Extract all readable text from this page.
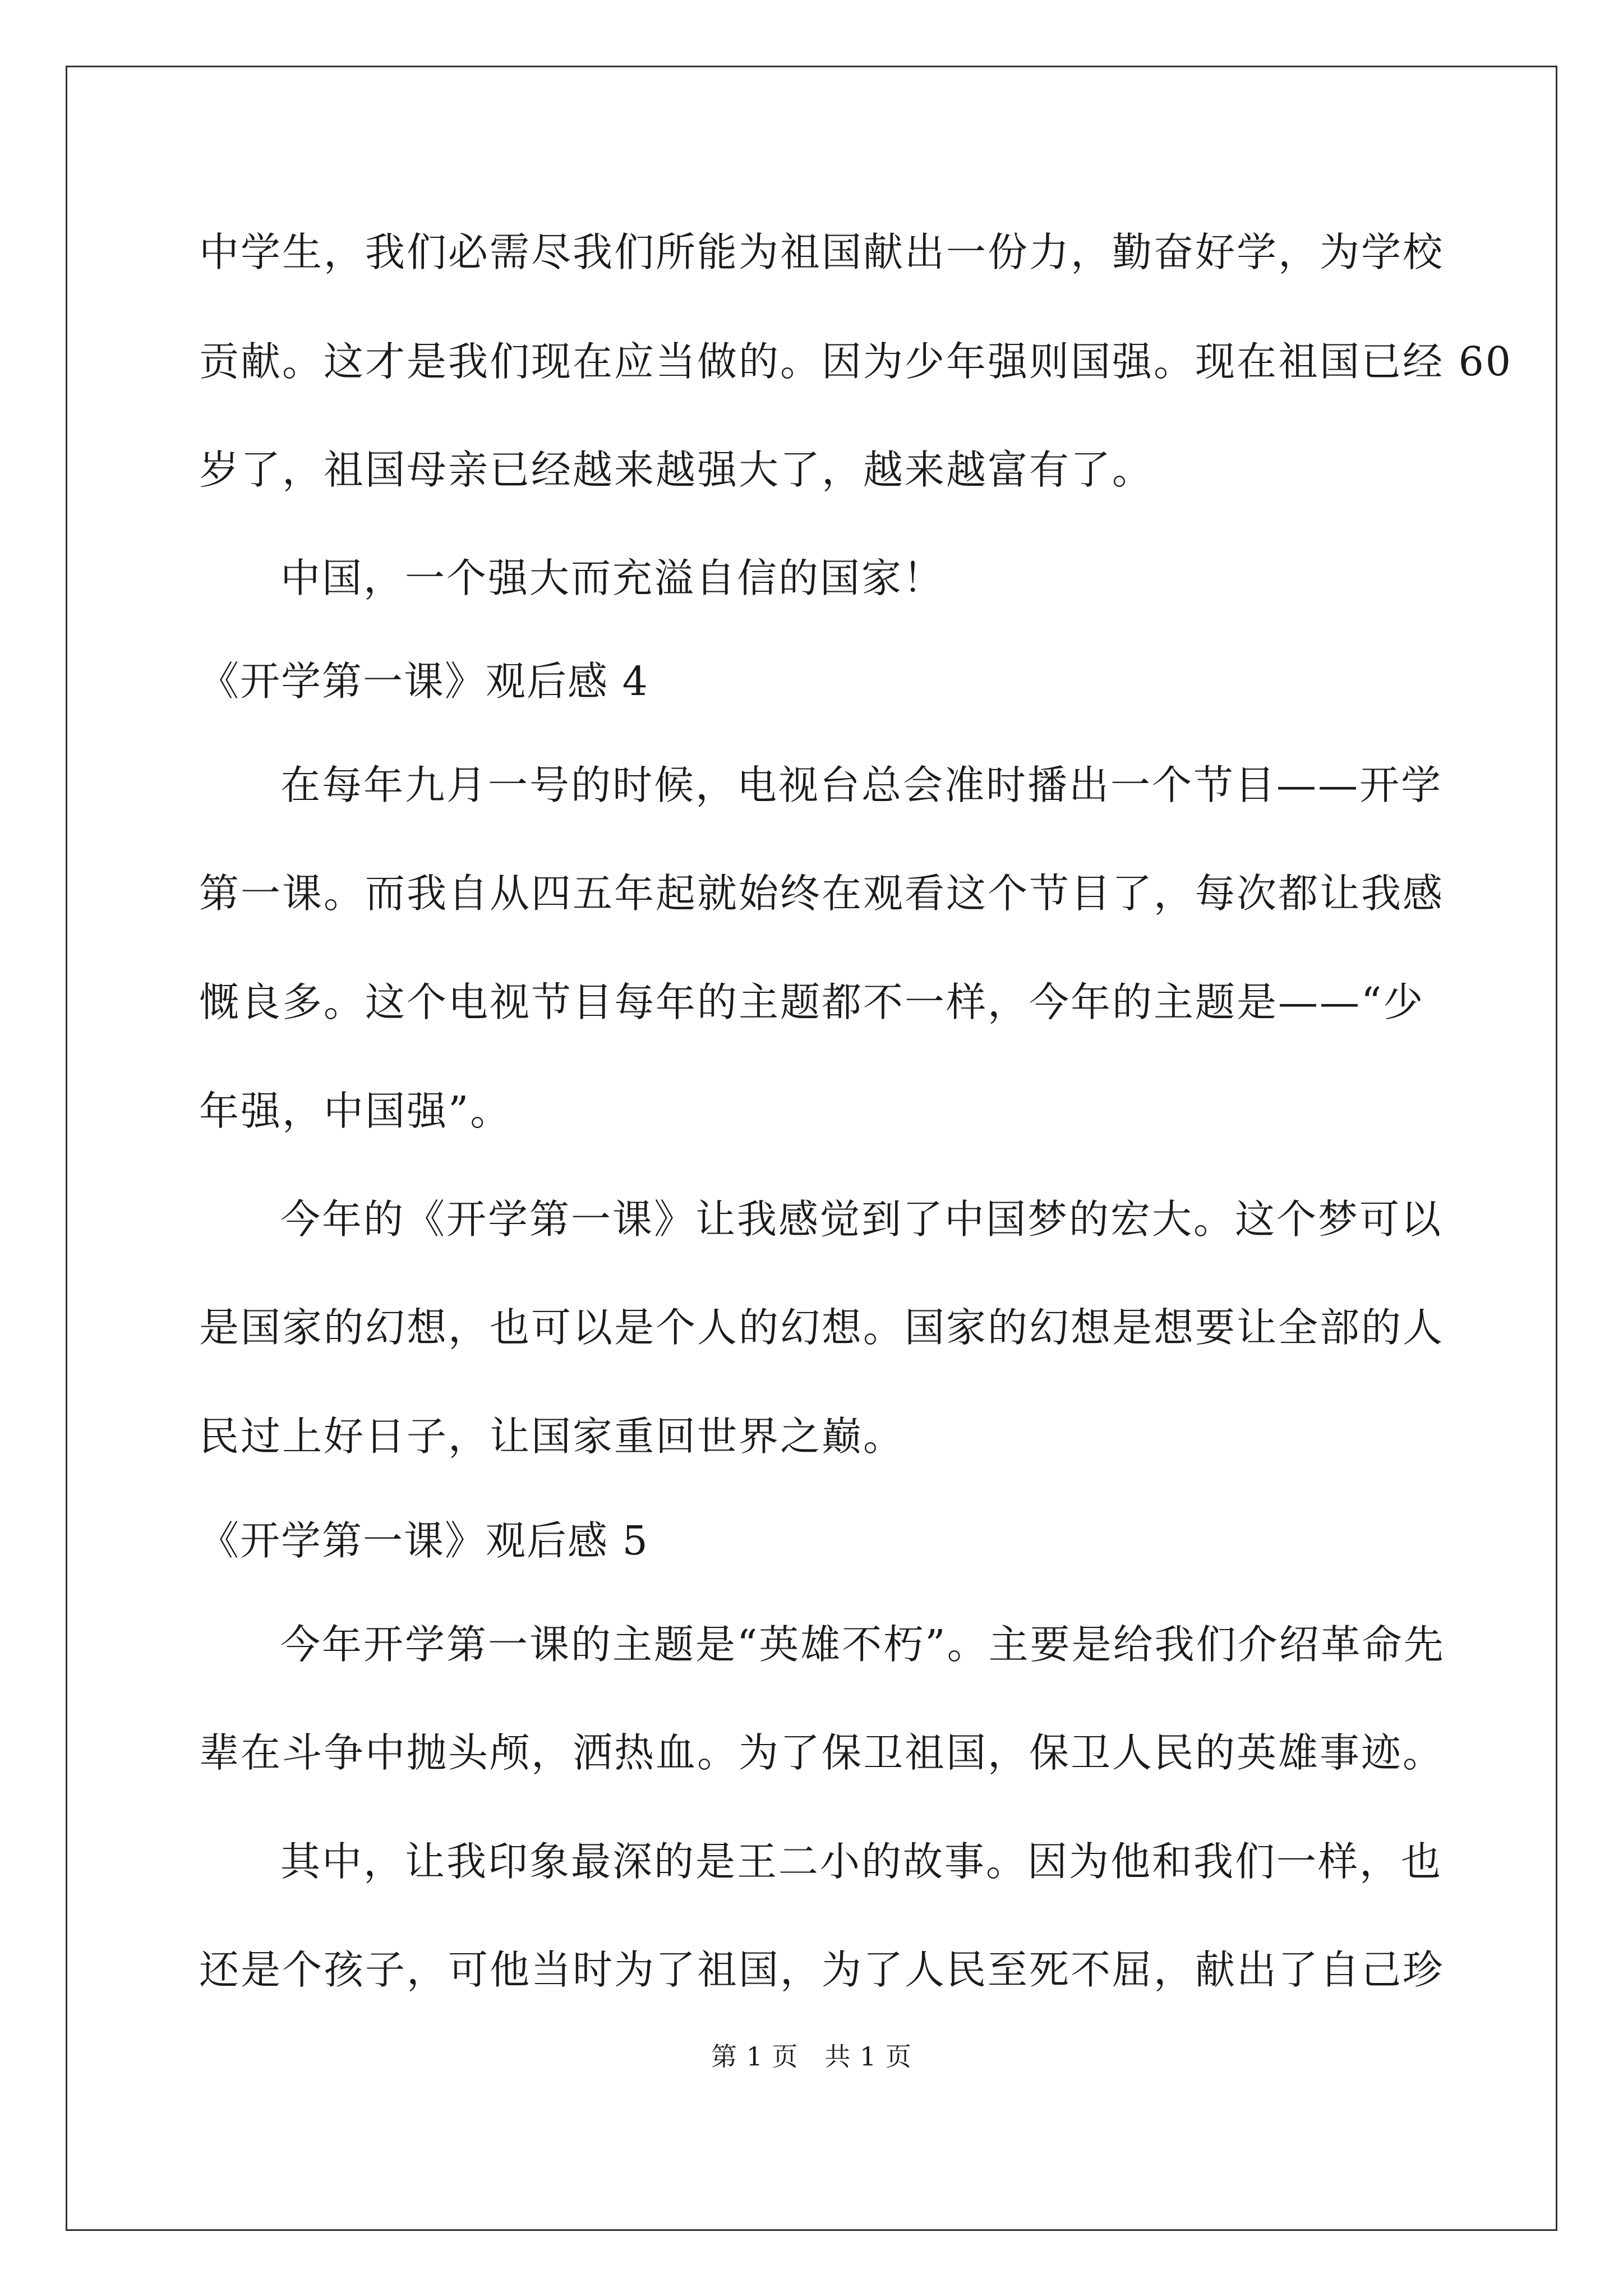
中学生，我们必需尽我们所能为祖国献出一份力，勤奋好学，为学校
贡献。这才是我们现在应当做的。因为少年强则国强。现在祖国已经 60
岁了，祖国母亲已经越来越强大了，越来越富有了。
中国，一个强大而充溢自信的国家！
《开学第一课》观后感 4
在每年九月一号的时候，电视台总会准时播出一个节目——开学
第一课。而我自从四五年起就始终在观看这个节目了，每次都让我感
慨良多。这个电视节目每年的主题都不一样，今年的主题是——“少
年强，中国强”。
今年的《开学第一课》让我感觉到了中国梦的宏大。这个梦可以
是国家的幻想，也可以是个人的幻想。国家的幻想是想要让全部的人
民过上好日子，让国家重回世界之巅。
《开学第一课》观后感 5
今年开学第一课的主题是“英雄不朽”。主要是给我们介绍革命先
辈在斗争中抛头颅，洒热血。为了保卫祖国，保卫人民的英雄事迹。
其中，让我印象最深的是王二小的故事。因为他和我们一样，也
还是个孩子，可他当时为了祖国，为了人民至死不屈，献出了自己珍
第 1 页   共 1 页
